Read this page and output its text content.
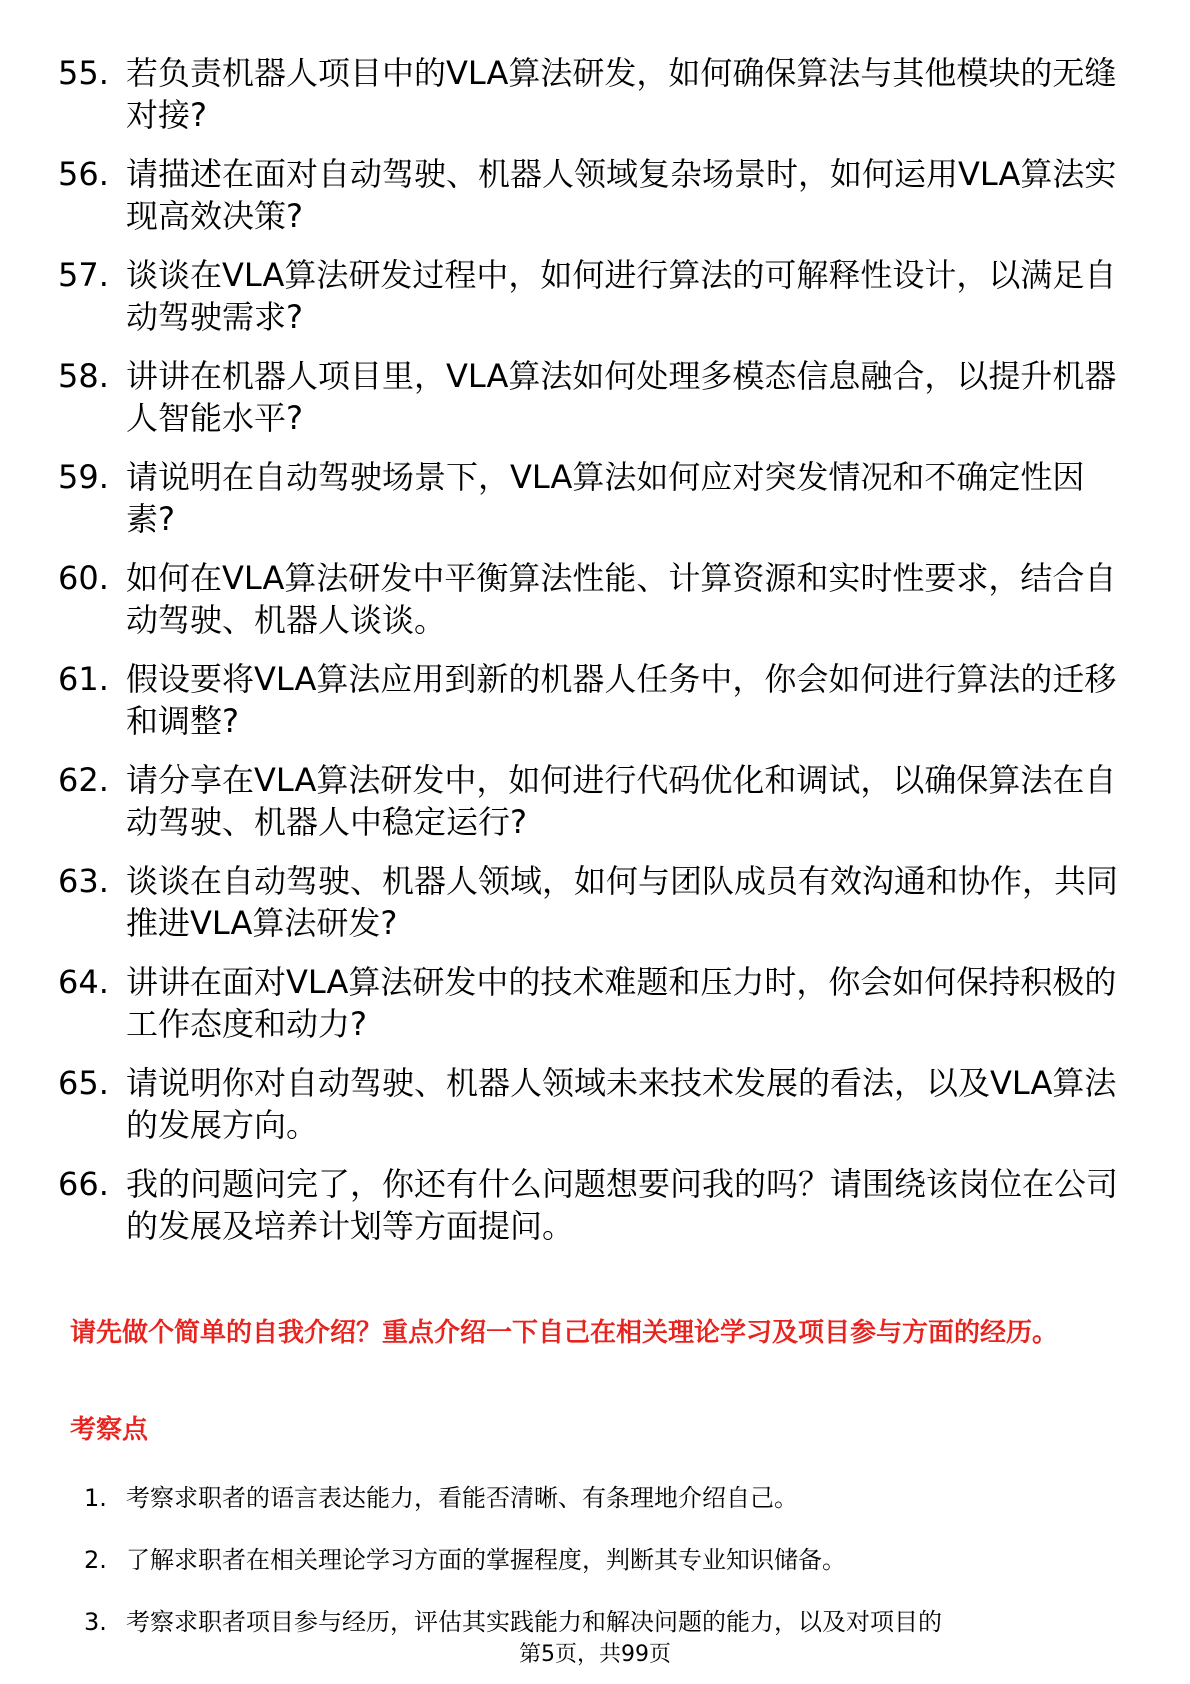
55. 若负责机器人项目中的VLA算法研发，如何确保算法与其他模块的无缝对接?
56. 请描述在面对自动驾驶、机器人领域复杂场景时，如何运用VLA算法实现高效决策?
57. 谈谈在VLA算法研发过程中，如何进行算法的可解释性设计，以满足自动驾驶需求?
58. 讲讲在机器人项目里，VLA算法如何处理多模态信息融合，以提升机器人智能水平?
59. 请说明在自动驾驶场景下，VLA算法如何应对突发情况和不确定性因素?
60. 如何在VLA算法研发中平衡算法性能、计算资源和实时性要求，结合自动驾驶、机器人谈谈。
61. 假设要将VLA算法应用到新的机器人任务中，你会如何进行算法的迁移和调整?
62. 请分享在VLA算法研发中，如何进行代码优化和调试，以确保算法在自动驾驶、机器人中稳定运行?
63. 谈谈在自动驾驶、机器人领域，如何与团队成员有效沟通和协作，共同推进VLA算法研发?
64. 讲讲在面对VLA算法研发中的技术难题和压力时，你会如何保持积极的工作态度和动力?
65. 请说明你对自动驾驶、机器人领域未来技术发展的看法，以及VLA算法的发展方向。
66. 我的问题问完了，你还有什么问题想要问我的吗？请围绕该岗位在公司的发展及培养计划等方面提问。
请先做个简单的自我介绍？重点介绍一下自己在相关理论学习及项目参与方面的经历。
考察点
1. 考察求职者的语言表达能力，看能否清晰、有条理地介绍自己。
2. 了解求职者在相关理论学习方面的掌握程度，判断其专业知识储备。
3. 考察求职者项目参与经历，评估其实践能力和解决问题的能力，以及对项目的
第5页，共99页
